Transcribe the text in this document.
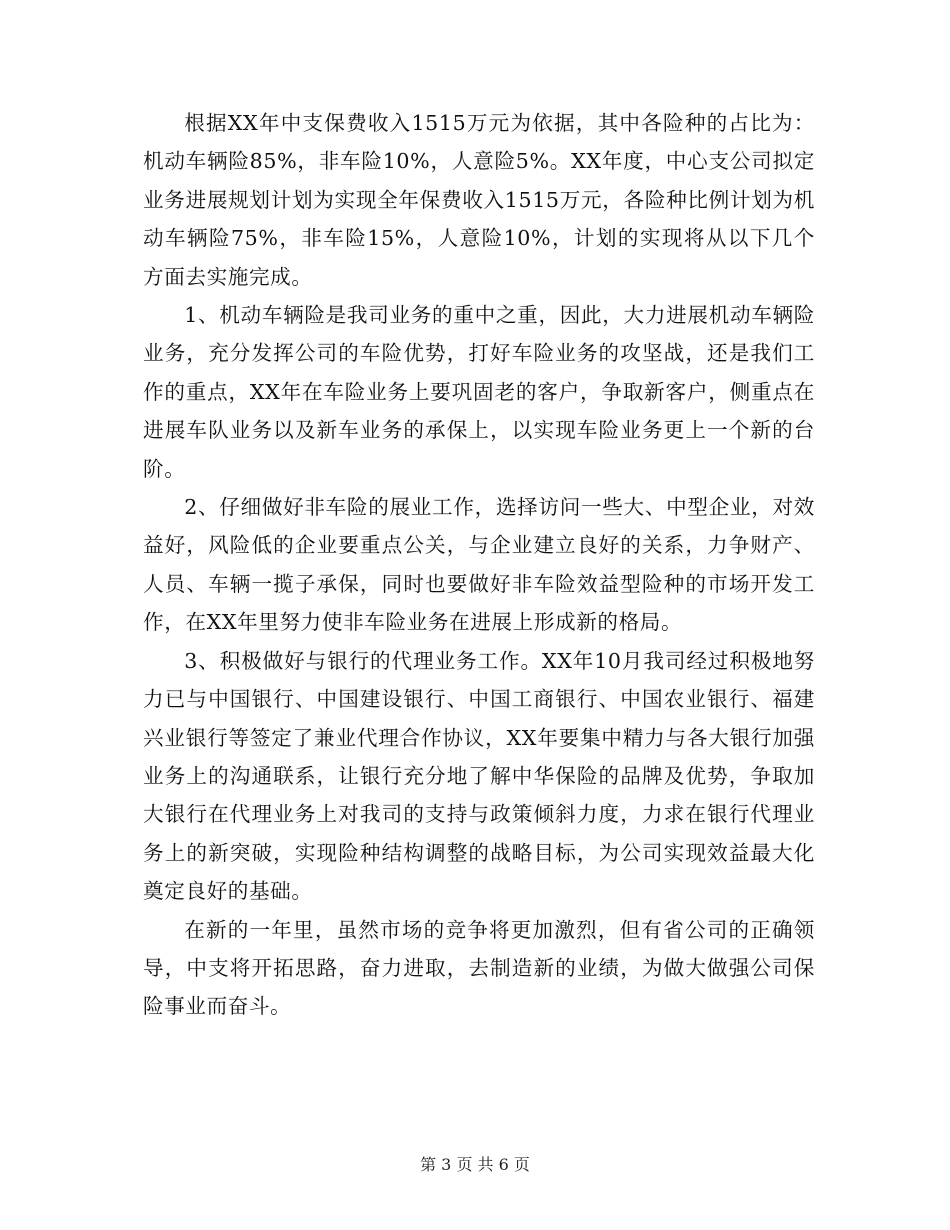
根据XX年中支保费收入1515万元为依据，其中各险种的占比为：机动车辆险85%，非车险10%，人意险5%。XX年度，中心支公司拟定业务进展规划计划为实现全年保费收入1515万元，各险种比例计划为机动车辆险75%，非车险15%，人意险10%，计划的实现将从以下几个方面去实施完成。

1、机动车辆险是我司业务的重中之重，因此，大力进展机动车辆险业务，充分发挥公司的车险优势，打好车险业务的攻坚战，还是我们工作的重点，XX年在车险业务上要巩固老的客户，争取新客户，侧重点在进展车队业务以及新车业务的承保上，以实现车险业务更上一个新的台阶。

2、仔细做好非车险的展业工作，选择访问一些大、中型企业，对效益好，风险低的企业要重点公关，与企业建立良好的关系，力争财产、人员、车辆一揽子承保，同时也要做好非车险效益型险种的市场开发工作，在XX年里努力使非车险业务在进展上形成新的格局。

3、积极做好与银行的代理业务工作。XX年10月我司经过积极地努力已与中国银行、中国建设银行、中国工商银行、中国农业银行、福建兴业银行等签定了兼业代理合作协议，XX年要集中精力与各大银行加强业务上的沟通联系，让银行充分地了解中华保险的品牌及优势，争取加大银行在代理业务上对我司的支持与政策倾斜力度，力求在银行代理业务上的新突破，实现险种结构调整的战略目标，为公司实现效益最大化奠定良好的基础。

在新的一年里，虽然市场的竞争将更加激烈，但有省公司的正确领导，中支将开拓思路，奋力进取，去制造新的业绩，为做大做强公司保险事业而奋斗。

第 3 页 共 6 页
